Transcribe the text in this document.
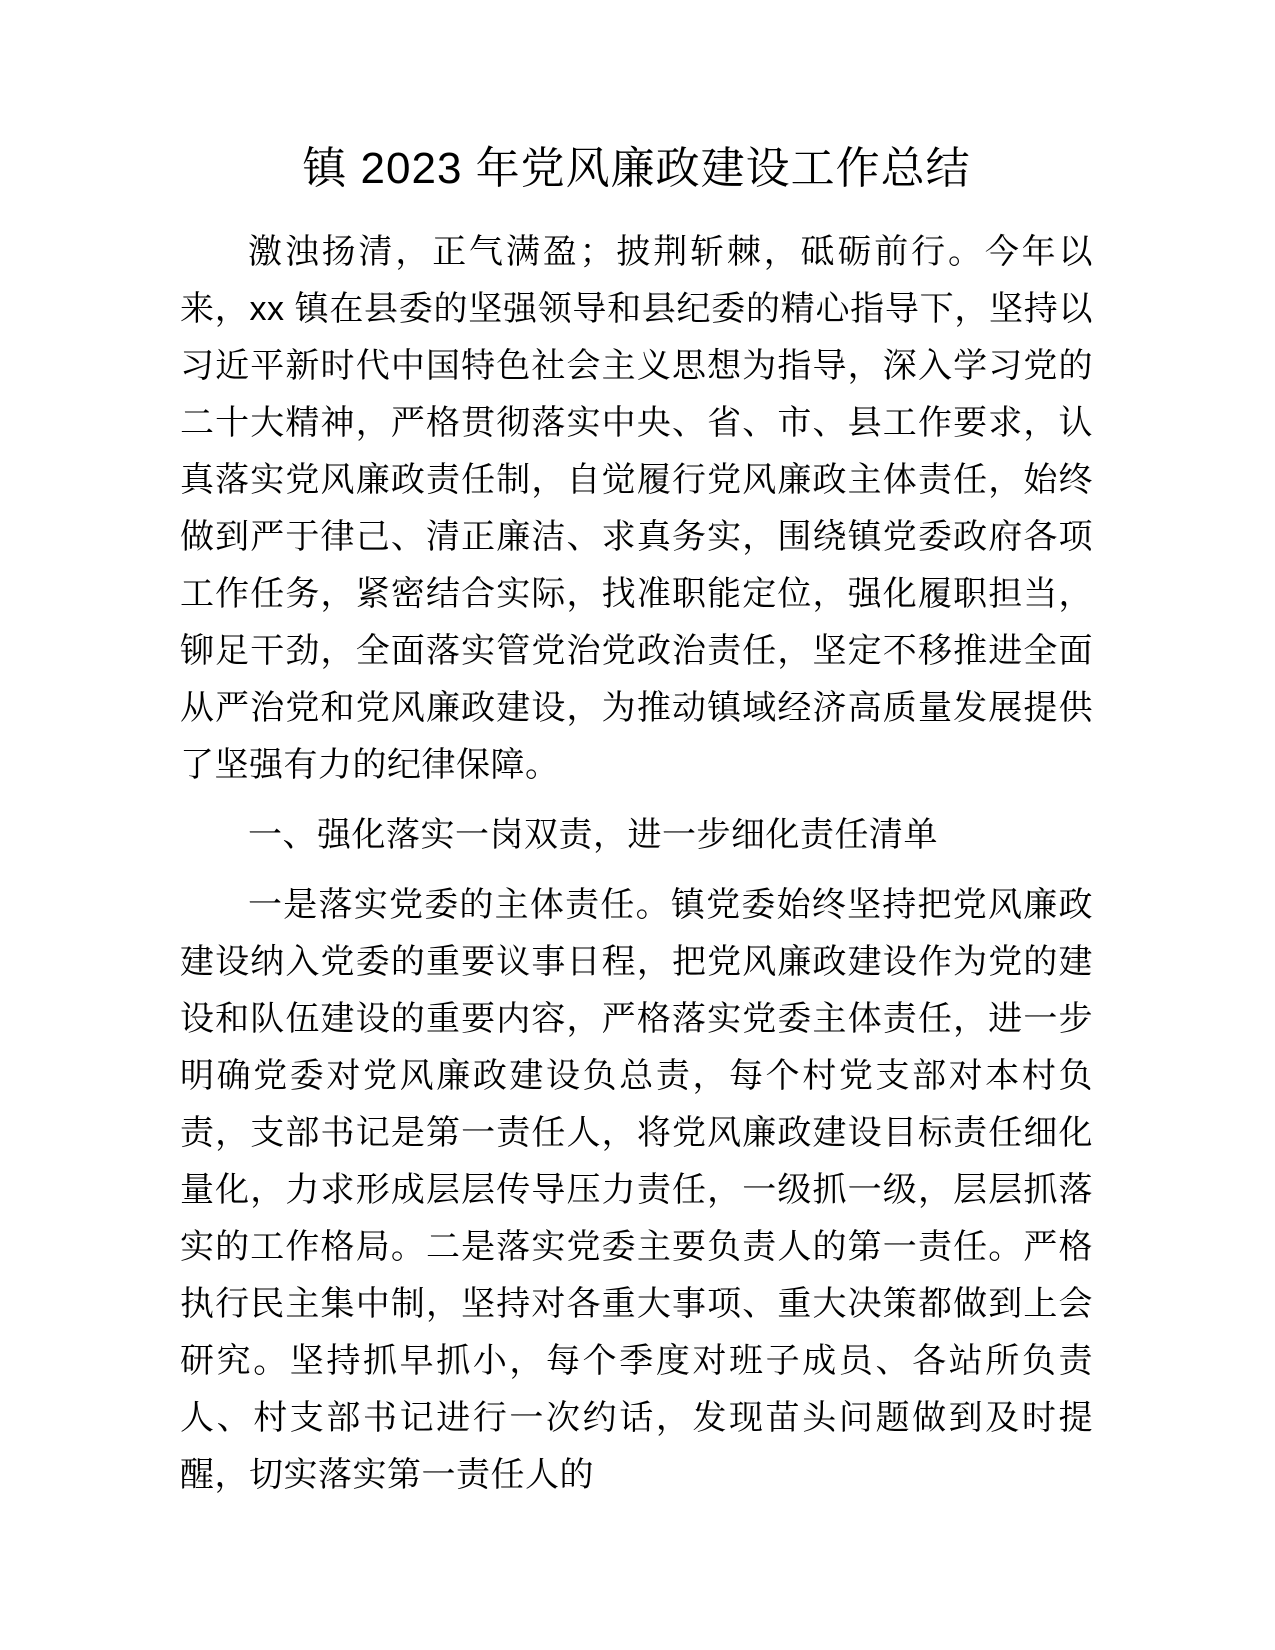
镇 2023 年党风廉政建设工作总结

激浊扬清，正气满盈；披荆斩棘，砥砺前行。今年以来，xx 镇在县委的坚强领导和县纪委的精心指导下，坚持以习近平新时代中国特色社会主义思想为指导，深入学习党的二十大精神，严格贯彻落实中央、省、市、县工作要求，认真落实党风廉政责任制，自觉履行党风廉政主体责任，始终做到严于律己、清正廉洁、求真务实，围绕镇党委政府各项工作任务，紧密结合实际，找准职能定位，强化履职担当，铆足干劲，全面落实管党治党政治责任，坚定不移推进全面从严治党和党风廉政建设，为推动镇域经济高质量发展提供了坚强有力的纪律保障。

一、强化落实一岗双责，进一步细化责任清单

一是落实党委的主体责任。镇党委始终坚持把党风廉政建设纳入党委的重要议事日程，把党风廉政建设作为党的建设和队伍建设的重要内容，严格落实党委主体责任，进一步明确党委对党风廉政建设负总责，每个村党支部对本村负责，支部书记是第一责任人，将党风廉政建设目标责任细化量化，力求形成层层传导压力责任，一级抓一级，层层抓落实的工作格局。二是落实党委主要负责人的第一责任。严格执行民主集中制，坚持对各重大事项、重大决策都做到上会研究。坚持抓早抓小，每个季度对班子成员、各站所负责人、村支部书记进行一次约话，发现苗头问题做到及时提醒，切实落实第一责任人的
